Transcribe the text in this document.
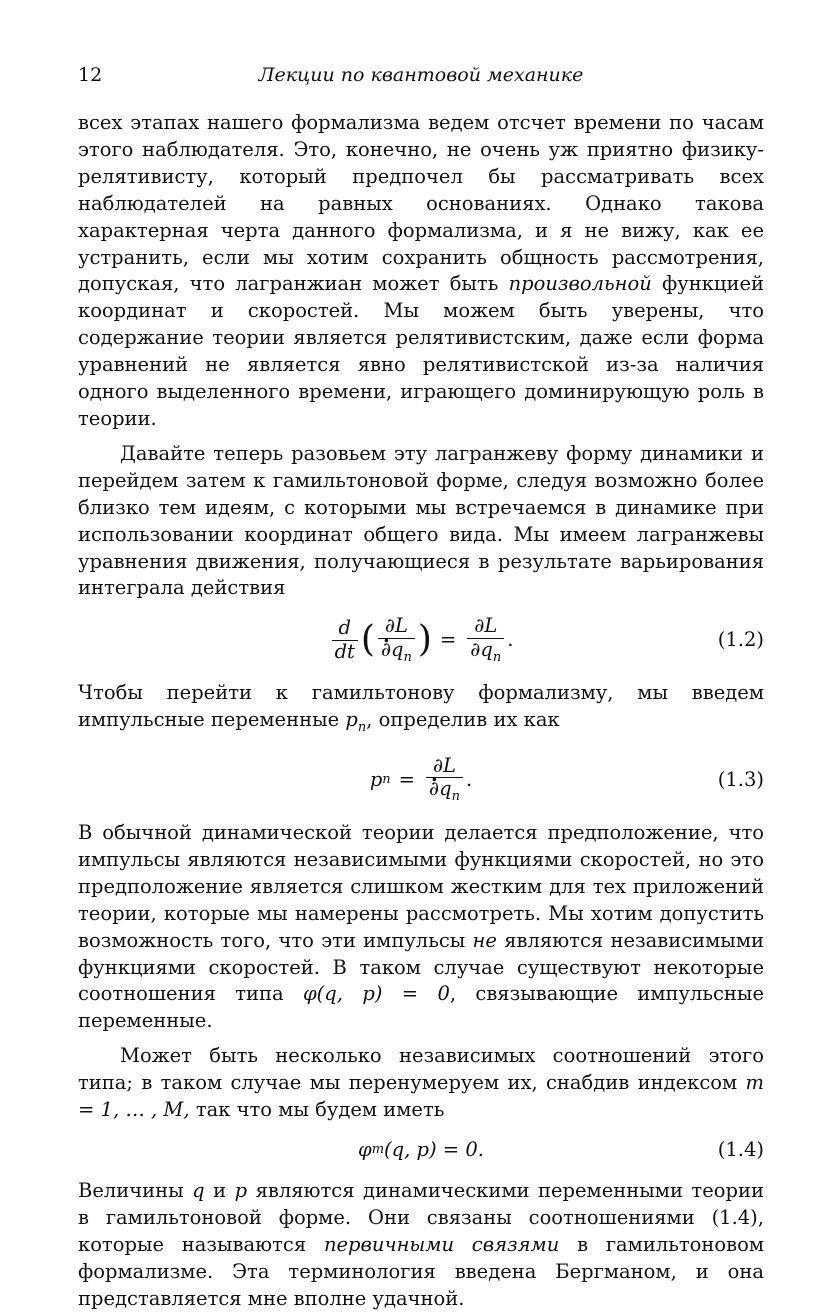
12	Лекции по квантовой механике

всех этапах нашего формализма ведем отсчет времени по часам этого наблюдателя. Это, конечно, не очень уж приятно физику-релятивисту, который предпочел бы рассматривать всех наблюдателей на равных основаниях. Однако такова характерная черта данного формализма, и я не вижу, как ее устранить, если мы хотим сохранить общность рассмотрения, допуская, что лагранжиан может быть произвольной функцией координат и скоростей. Мы можем быть уверены, что содержание теории является релятивистским, даже если форма уравнений не является явно релятивистской из-за наличия одного выделенного времени, играющего доминирующую роль в теории.

Давайте теперь разовьем эту лагранжеву форму динамики и перейдем затем к гамильтоновой форме, следуя возможно более близко тем идеям, с которыми мы встречаемся в динамике при использовании координат общего вида. Мы имеем лагранжевы уравнения движения, получающиеся в результате варьирования интеграла действия

$\frac{d}{dt}$ ( ∂L
. $\partial q_n$ ) = $\frac{\partial L}{\partial q_n}$ .	(1.2)

Чтобы перейти к гамильтонову формализму, мы введем импульсные переменные $p_n$, определив их как

p n = ∂L
. $\partial q_n$ .	(1.3)

В обычной динамической теории делается предположение, что импульсы являются независимыми функциями скоростей, но это предположение является слишком жестким для тех приложений теории, которые мы намерены рассмотреть. Мы хотим допустить возможность того, что эти импульсы не являются независимыми функциями скоростей. В таком случае существуют некоторые соотношения типа φ(q, p) = 0, связывающие импульсные переменные.

Может быть несколько независимых соотношений этого типа; в таком случае мы перенумеруем их, снабдив индексом m = 1, … , M, так что мы будем иметь

φ m (q, p) = 0.	(1.4)

Величины q и p являются динамическими переменными теории в гамильтоновой форме. Они связаны соотношениями (1.4), которые называются первичными связями в гамильтоновом формализме. Эта терминология введена Бергманом, и она представляется мне вполне удачной.
